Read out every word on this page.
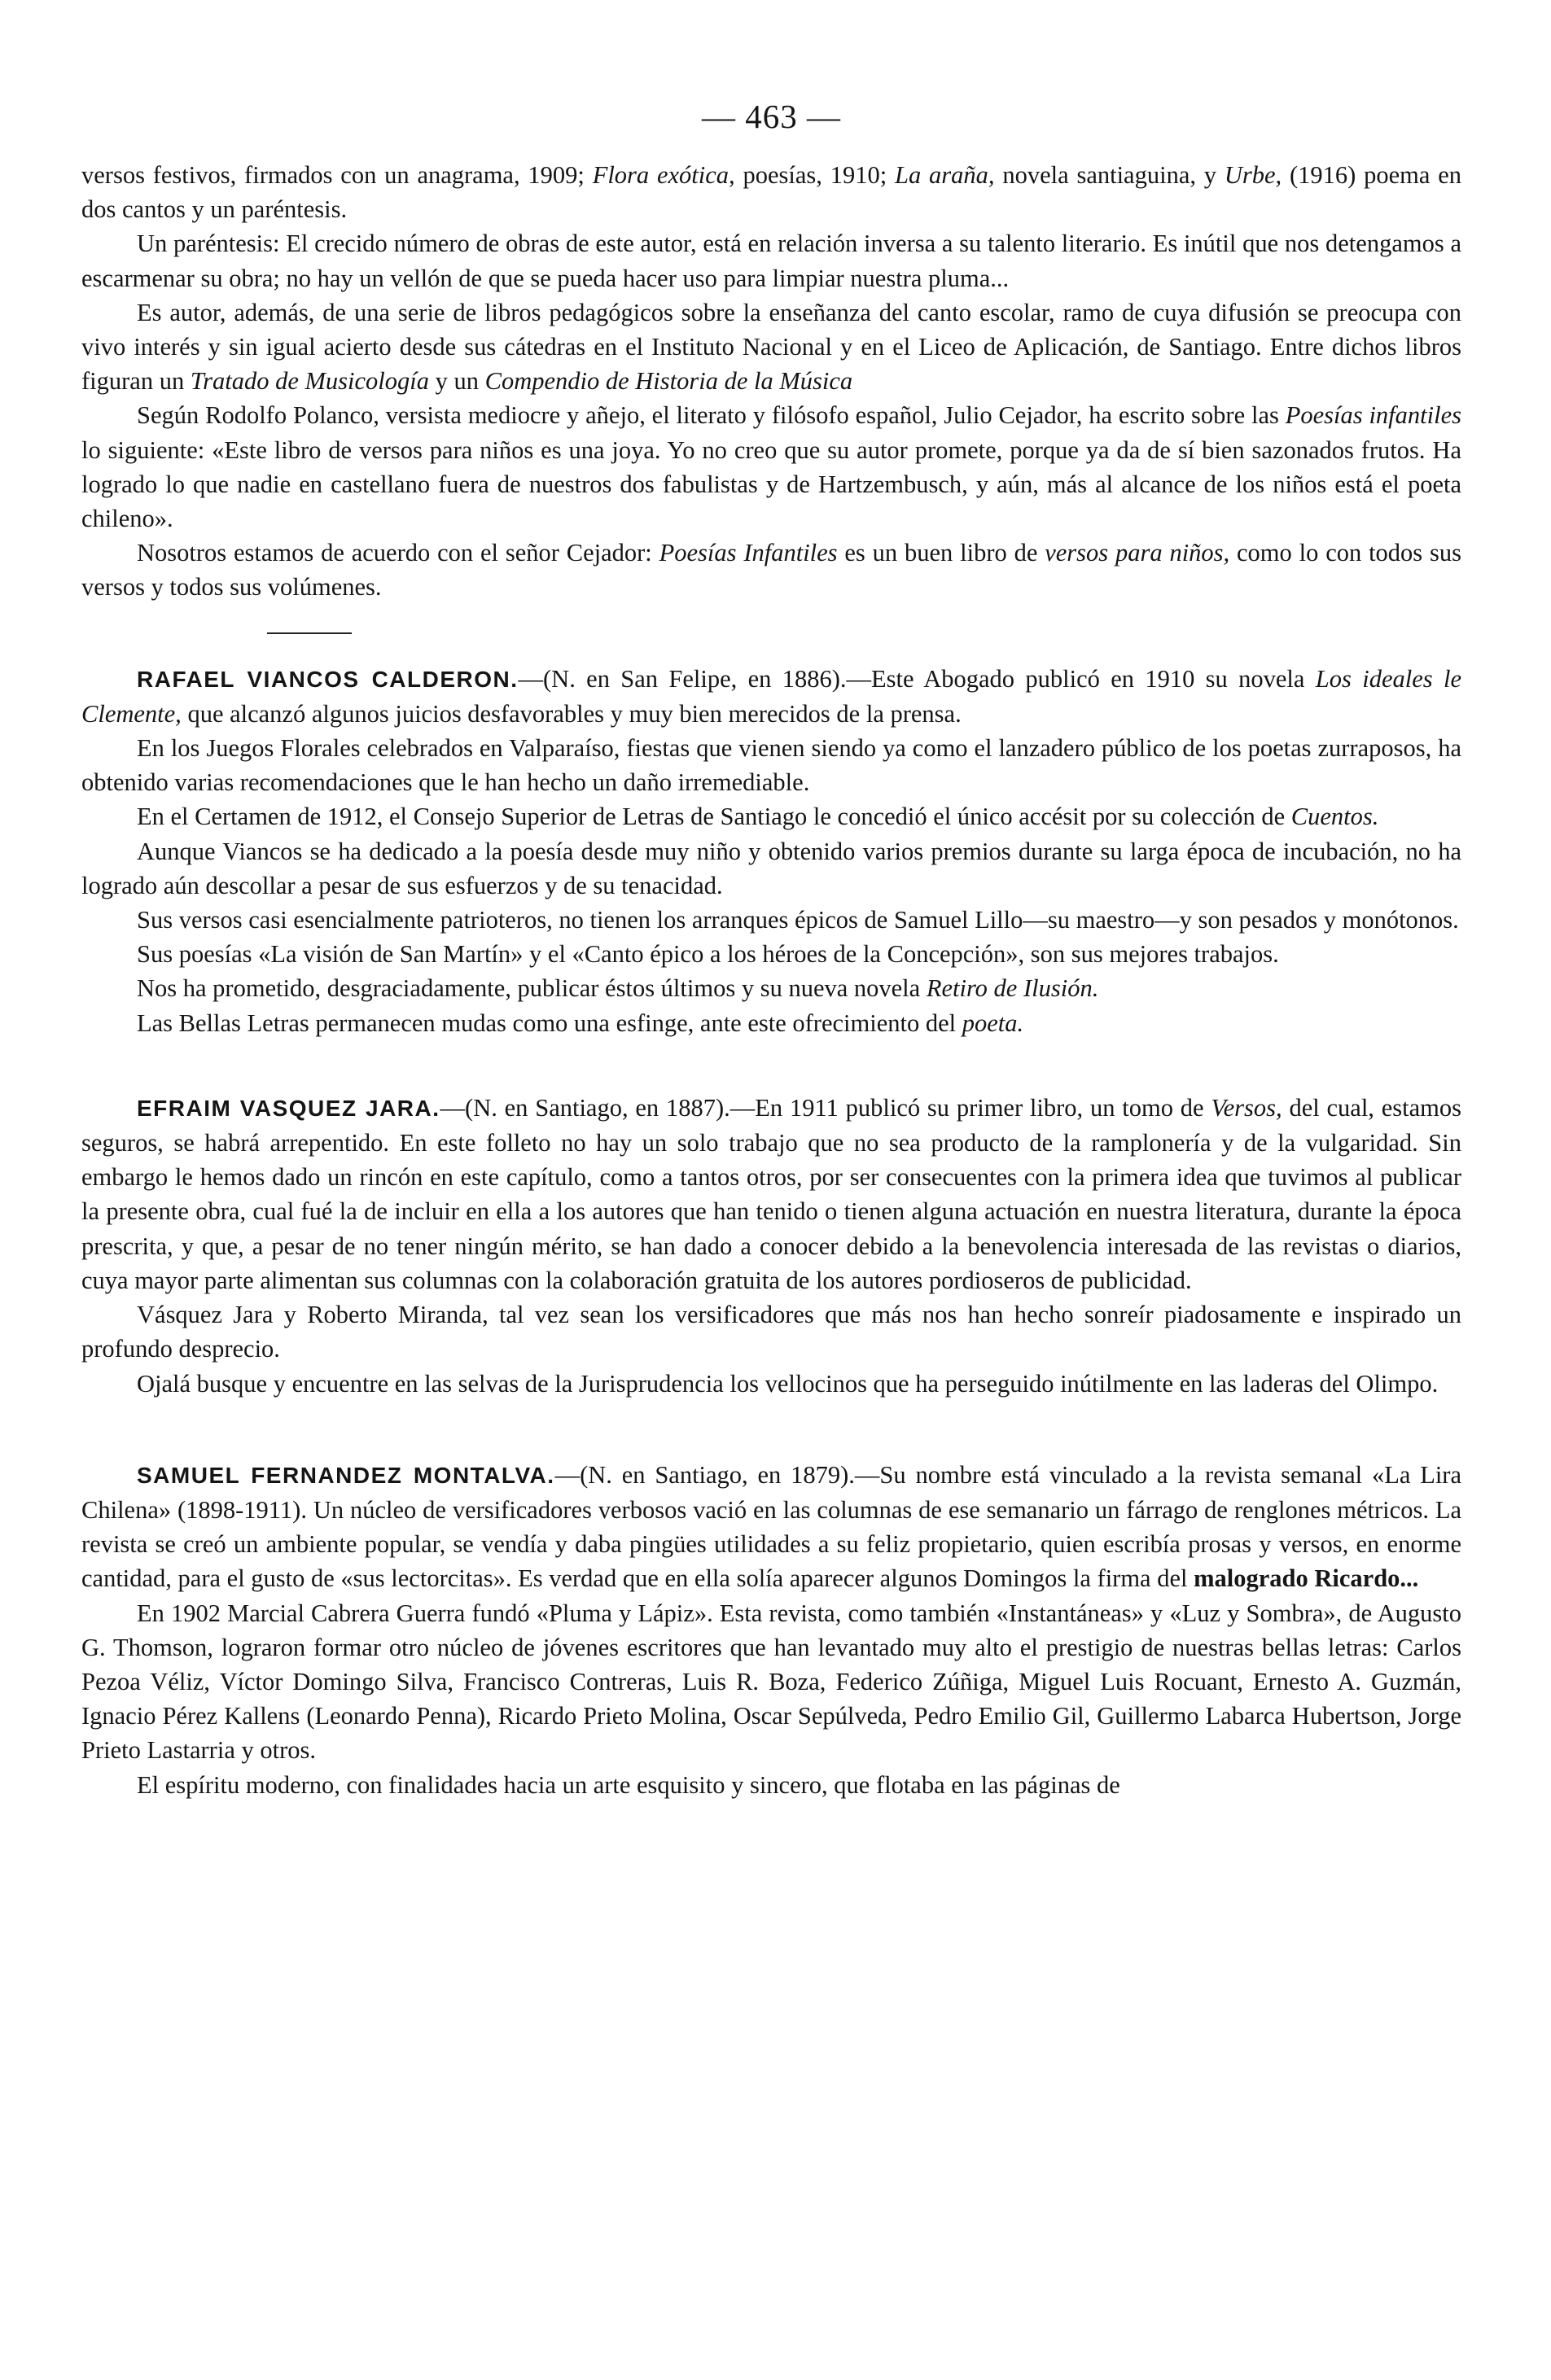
— 463 —

versos festivos, firmados con un anagrama, 1909; Flora exótica, poesías, 1910; La araña, novela santiaguina, y Urbe, (1916) poema en dos cantos y un paréntesis.

Un paréntesis: El crecido número de obras de este autor, está en relación inversa a su talento literario. Es inútil que nos detengamos a escarmenar su obra; no hay un vellón de que se pueda hacer uso para limpiar nuestra pluma...

Es autor, además, de una serie de libros pedagógicos sobre la enseñanza del canto escolar, ramo de cuya difusión se preocupa con vivo interés y sin igual acierto desde sus cátedras en el Instituto Nacional y en el Liceo de Aplicación, de Santiago. Entre dichos libros figuran un Tratado de Musicología y un Compendio de Historia de la Música

Según Rodolfo Polanco, versista mediocre y añejo, el literato y filósofo español, Julio Cejador, ha escrito sobre las Poesías infantiles lo siguiente: «Este libro de versos para niños es una joya. Yo no creo que su autor promete, porque ya da de sí bien sazonados frutos. Ha logrado lo que nadie en castellano fuera de nuestros dos fabulistas y de Hartzembusch, y aún, más al alcance de los niños está el poeta chileno».

Nosotros estamos de acuerdo con el señor Cejador: Poesías Infantiles es un buen libro de versos para niños, como lo con todos sus versos y todos sus volúmenes.

RAFAEL VIANCOS CALDERON.—(N. en San Felipe, en 1886).—Este Abogado publicó en 1910 su novela Los ideales le Clemente, que alcanzó algunos juicios desfavorables y muy bien merecidos de la prensa.

En los Juegos Florales celebrados en Valparaíso, fiestas que vienen siendo ya como el lanzadero público de los poetas zurraposos, ha obtenido varias recomendaciones que le han hecho un daño irremediable.

En el Certamen de 1912, el Consejo Superior de Letras de Santiago le concedió el único accésit por su colección de Cuentos.

Aunque Viancos se ha dedicado a la poesía desde muy niño y obtenido varios premios durante su larga época de incubación, no ha logrado aún descollar a pesar de sus esfuerzos y de su tenacidad.

Sus versos casi esencialmente patrioteros, no tienen los arranques épicos de Samuel Lillo—su maestro—y son pesados y monótonos.

Sus poesías «La visión de San Martín» y el «Canto épico a los héroes de la Concepción», son sus mejores trabajos.

Nos ha prometido, desgraciadamente, publicar éstos últimos y su nueva novela Retiro de Ilusión.

Las Bellas Letras permanecen mudas como una esfinge, ante este ofrecimiento del poeta.

EFRAIM VASQUEZ JARA.—(N. en Santiago, en 1887).—En 1911 publicó su primer libro, un tomo de Versos, del cual, estamos seguros, se habrá arrepentido. En este folleto no hay un solo trabajo que no sea producto de la ramplonería y de la vulgaridad. Sin embargo le hemos dado un rincón en este capítulo, como a tantos otros, por ser consecuentes con la primera idea que tuvimos al publicar la presente obra, cual fué la de incluir en ella a los autores que han tenido o tienen alguna actuación en nuestra literatura, durante la época prescrita, y que, a pesar de no tener ningún mérito, se han dado a conocer debido a la benevolencia interesada de las revistas o diarios, cuya mayor parte alimentan sus columnas con la colaboración gratuita de los autores pordioseros de publicidad.

Vásquez Jara y Roberto Miranda, tal vez sean los versificadores que más nos han hecho sonreír piadosamente e inspirado un profundo desprecio.

Ojalá busque y encuentre en las selvas de la Jurisprudencia los vellocinos que ha perseguido inútilmente en las laderas del Olimpo.

SAMUEL FERNANDEZ MONTALVA.—(N. en Santiago, en 1879).—Su nombre está vinculado a la revista semanal «La Lira Chilena» (1898-1911). Un núcleo de versificadores verbosos vació en las columnas de ese semanario un fárrago de renglones métricos. La revista se creó un ambiente popular, se vendía y daba pingües utilidades a su feliz propietario, quien escribía prosas y versos, en enorme cantidad, para el gusto de «sus lectorcitas». Es verdad que en ella solía aparecer algunos Domingos la firma del malogrado Ricardo...

En 1902 Marcial Cabrera Guerra fundó «Pluma y Lápiz». Esta revista, como también «Instantáneas» y «Luz y Sombra», de Augusto G. Thomson, lograron formar otro núcleo de jóvenes escritores que han levantado muy alto el prestigio de nuestras bellas letras: Carlos Pezoa Véliz, Víctor Domingo Silva, Francisco Contreras, Luis R. Boza, Federico Zúñiga, Miguel Luis Rocuant, Ernesto A. Guzmán, Ignacio Pérez Kallens (Leonardo Penna), Ricardo Prieto Molina, Oscar Sepúlveda, Pedro Emilio Gil, Guillermo Labarca Hubertson, Jorge Prieto Lastarria y otros.

El espíritu moderno, con finalidades hacia un arte esquisito y sincero, que flotaba en las páginas de
